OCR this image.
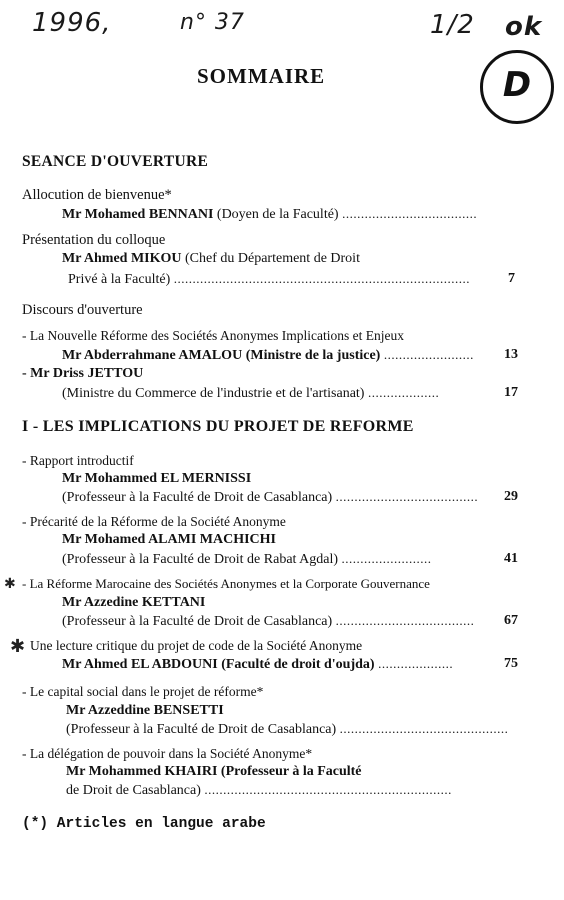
1996,	n° 37	1/2 ok
D
SOMMAIRE
SEANCE D'OUVERTURE
Allocution de bienvenue*
Mr Mohamed BENNANI (Doyen de la Faculté) ....................................
Présentation du colloque
Mr Ahmed MIKOU (Chef du Département de Droit
Privé à la Faculté) ...............................................................................	7
Discours d'ouverture
- La Nouvelle Réforme des Sociétés Anonymes Implications et Enjeux
Mr Abderrahmane AMALOU (Ministre de la justice) ........................ 13
- Mr Driss JETTOU
(Ministre du Commerce de l'industrie et de l'artisanat) ...................	17
I - LES IMPLICATIONS DU PROJET DE REFORME
- Rapport introductif
Mr Mohammed EL MERNISSI
(Professeur à la Faculté de Droit de Casablanca) ...................................... 29
- Précarité de la Réforme de la Société Anonyme
Mr Mohamed ALAMI MACHICHI
(Professeur à la Faculté de Droit de Rabat Agdal) ........................	41
✱ - La Réforme Marocaine des Sociétés Anonymes et la Corporate Gouvernance
Mr Azzedine KETTANI
(Professeur à la Faculté de Droit de Casablanca) ..................................... 67
✱ Une lecture critique du projet de code de la Société Anonyme
Mr Ahmed EL ABDOUNI (Faculté de droit d'oujda) ....................	75
- Le capital social dans le projet de réforme*
Mr Azzeddine BENSETTI
(Professeur à la Faculté de Droit de Casablanca) .............................................
- La délégation de pouvoir dans la Société Anonyme*
Mr Mohammed KHAIRI (Professeur à la Faculté
de Droit de Casablanca) ..................................................................
(*) Articles en langue arabe
